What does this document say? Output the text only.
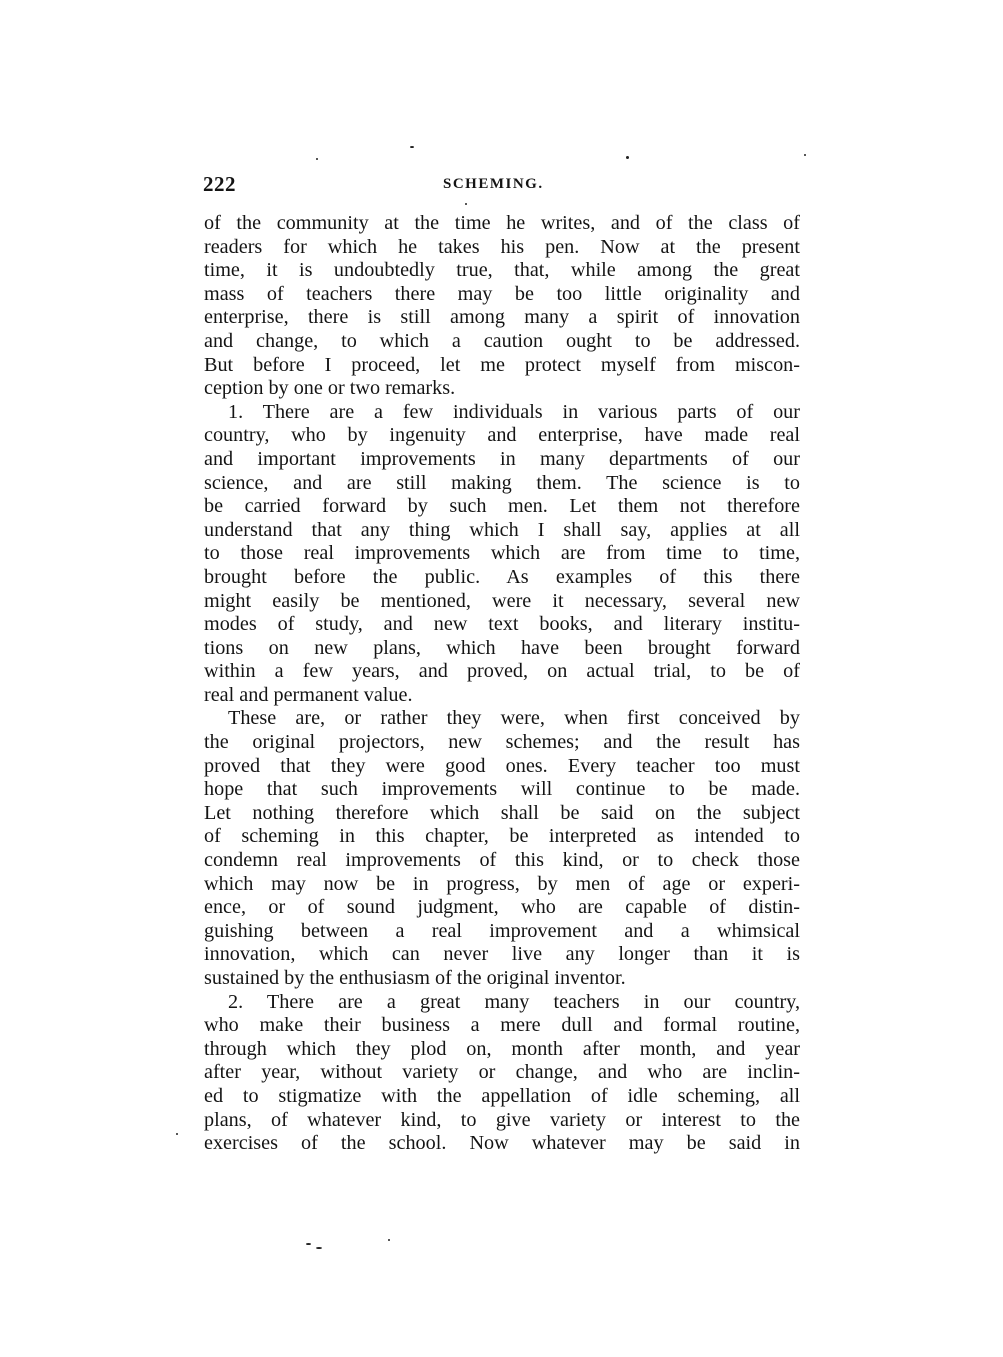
222	SCHEMING.
of the community at the time he writes, and of the class of
readers for which he takes his pen. Now at the present
time, it is undoubtedly true, that, while among the great
mass of teachers there may be too little originality and
enterprise, there is still among many a spirit of innovation
and change, to which a caution ought to be addressed.
But before I proceed, let me protect myself from miscon-
ception by one or two remarks.
1. There are a few individuals in various parts of our
country, who by ingenuity and enterprise, have made real
and important improvements in many departments of our
science, and are still making them. The science is to
be carried forward by such men. Let them not therefore
understand that any thing which I shall say, applies at all
to those real improvements which are from time to time,
brought before the public. As examples of this there
might easily be mentioned, were it necessary, several new
modes of study, and new text books, and literary institu-
tions on new plans, which have been brought forward
within a few years, and proved, on actual trial, to be of
real and permanent value.
These are, or rather they were, when first conceived by
the original projectors, new schemes; and the result has
proved that they were good ones. Every teacher too must
hope that such improvements will continue to be made.
Let nothing therefore which shall be said on the subject
of scheming in this chapter, be interpreted as intended to
condemn real improvements of this kind, or to check those
which may now be in progress, by men of age or experi-
ence, or of sound judgment, who are capable of distin-
guishing between a real improvement and a whimsical
innovation, which can never live any longer than it is
sustained by the enthusiasm of the original inventor.
2. There are a great many teachers in our country,
who make their business a mere dull and formal routine,
through which they plod on, month after month, and year
after year, without variety or change, and who are inclin-
ed to stigmatize with the appellation of idle scheming, all
plans, of whatever kind, to give variety or interest to the
exercises of the school. Now whatever may be said in
